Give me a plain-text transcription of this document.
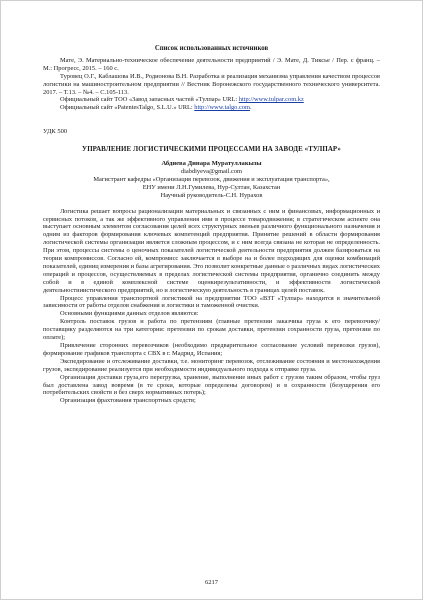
Список использованных источников

Мате, Э. Материально-техническое обеспечение деятельности предприятий / Э. Мате, Д. Тиксье / Пер. с франц. – М.: Прогресс, 2015. – 160 с.

Туровец О.Г., Каблашова И.В., Родионова В.Н. Разработка и реализация механизма управления качеством процессов логистики на машиностроительном предприятии // Вестник Воронежского государственного технического университета. 2017. – Т.13. – №4. – С.105-113.

Официальный сайт ТОО «Завод запасных частей «Тулпар» URL: http://www.tulpar.com.kz

Официальный сайт «PatentesTalgo, S.L.U.» URL: http://www.talgo.com.

УДК 500
УПРАВЛЕНИЕ ЛОГИСТИЧЕСКИМИ ПРОЦЕССАМИ НА ЗАВОДЕ «ТУЛПАР»
Абдиева Динара Муратуллакызы
diabdiyeva@gmail.com
Магистрант кафедры «Организация перевозок, движения и эксплуатация транспорта»,
ЕНУ имени Л.Н.Гумилева, Нур-Султан, Казахстан
Научный руководитель-С.Н. Нурахов

Логистика решает вопросы рационализации материальных и связанных с ним и финансовых, информационных и сервисных потоков, а так же эффективного управления ими в процессе товародвижения; в стратегическом аспекте она выступает основным элементом согласования целей всех структурных звеньев различного функционального назначения и одним из факторов формирования ключевых компетенций предприятия. Принятие решений в области формирования логистической системы организации является сложным процессом, и с ним всегда связана не которая не определенность. При этом, процессы системы о ценочных показателей логистической деятельности предприятия должен базироваться на теории компромиссов. Согласно ей, компромисс заключается в выборе на и более подходящих для оценки комбинаций показателей, единиц измерения и базы агрегирования. Это позволит конкретные данные о различных видах логистических операций и процессов, осуществляемых в пределах логистической системы предприятия, органично соединить между собой и в единой комплексной системе оценкирезультативности, и эффективности логистической деятельностииистического предприятий, но и логистическую деятельность в границах целей поставок.

Процесс управления транспортной логистикой на предприятии ТОО «ВЗТ «Тулпар» находится в значительной зависимости от работы отделов снабжения и логистики и таможенной очистки.

Основными функциями данных отделов являются:

Контроль поставок грузов и работа по претензиям (главные претензии заказчика груза к его перевозчику/поставщику разделяются на три категории: претензии по срокам доставки, претензии сохранности груза, претензии по оплате);

Привлечение сторонних перевозчиков (необходимо предварительное согласование условий перевозки грузов), формирование графиков транспорта с СВХ в г. Мадрид, Испания;

Экспедирование и отслеживание доставки, т.е. мониторинг перевозок, отслеживание состояния и местонахождения грузов, экспедирование реализуется при необходимости индивидуального подхода к отправке груза.

Организация доставки груза,его перегрузка, хранение, выполнение иных работ с грузом таким образом, чтобы груз был доставлена завод вовремя (в те сроки, которые определены договором) и в сохранности (безущерения его потребительских свойств и без сверх нормативных потерь);

Организация фрахтования транспортных средств;

6217
